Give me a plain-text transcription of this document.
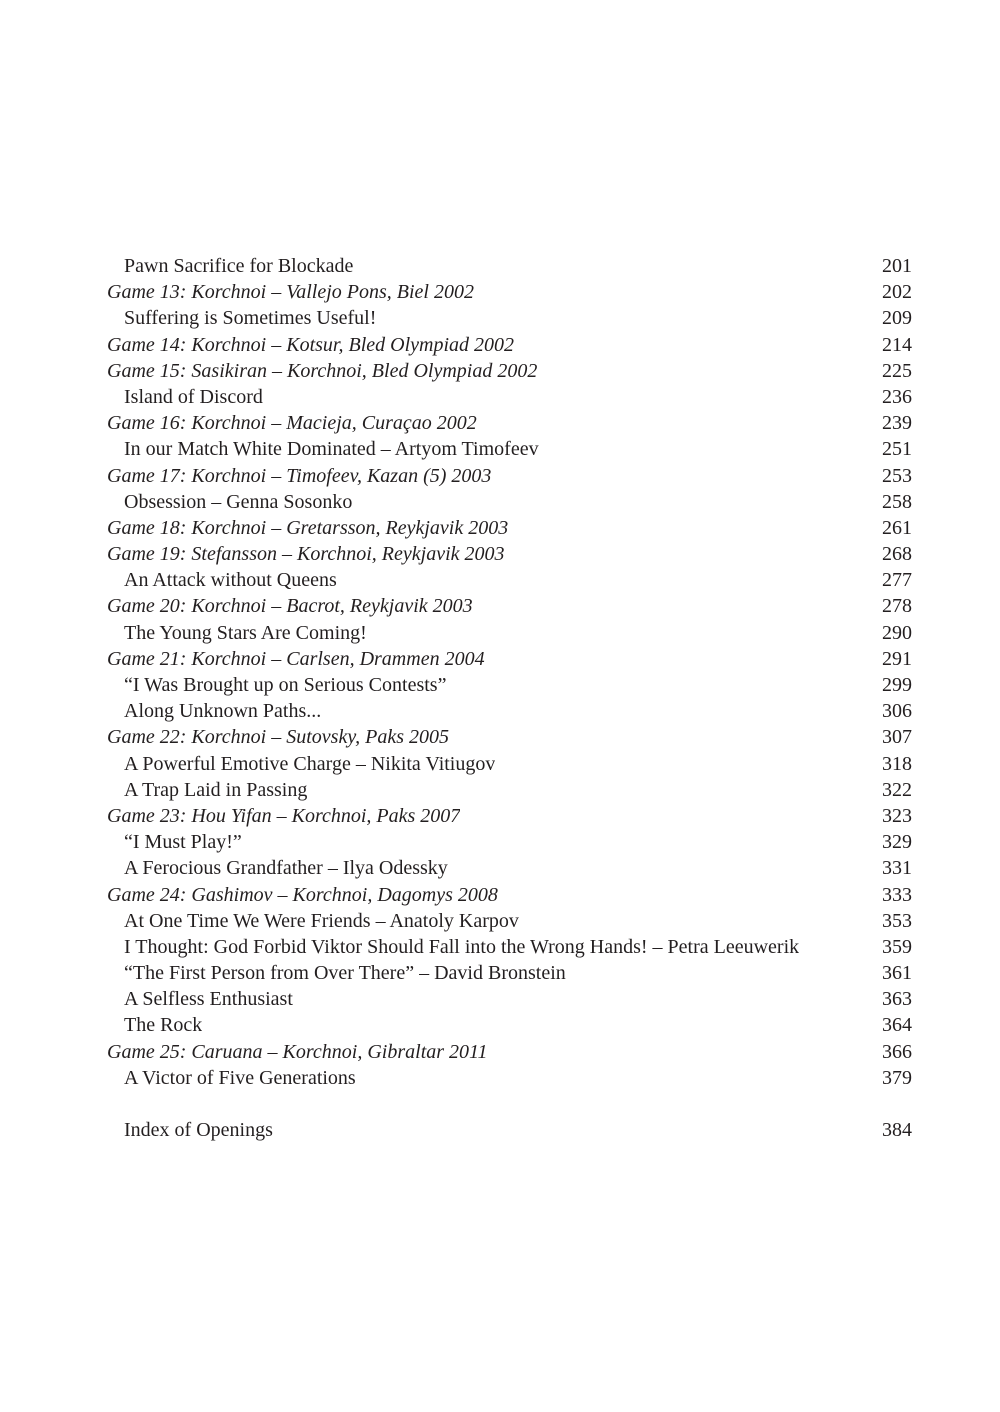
Pawn Sacrifice for Blockade	201
Game 13: Korchnoi – Vallejo Pons, Biel 2002	202
Suffering is Sometimes Useful!	209
Game 14: Korchnoi – Kotsur, Bled Olympiad 2002	214
Game 15: Sasikiran – Korchnoi, Bled Olympiad 2002	225
Island of Discord	236
Game 16: Korchnoi – Macieja, Curaçao 2002	239
In our Match White Dominated – Artyom Timofeev	251
Game 17: Korchnoi – Timofeev, Kazan (5) 2003	253
Obsession – Genna Sosonko	258
Game 18: Korchnoi – Gretarsson, Reykjavik 2003	261
Game 19: Stefansson – Korchnoi, Reykjavik 2003	268
An Attack without Queens	277
Game 20: Korchnoi – Bacrot, Reykjavik 2003	278
The Young Stars Are Coming!	290
Game 21: Korchnoi – Carlsen, Drammen 2004	291
“I Was Brought up on Serious Contests”	299
Along Unknown Paths...	306
Game 22: Korchnoi – Sutovsky, Paks 2005	307
A Powerful Emotive Charge – Nikita Vitiugov	318
A Trap Laid in Passing	322
Game 23: Hou Yifan – Korchnoi, Paks 2007	323
“I Must Play!”	329
A Ferocious Grandfather – Ilya Odessky	331
Game 24: Gashimov – Korchnoi, Dagomys 2008	333
At One Time We Were Friends – Anatoly Karpov	353
I Thought: God Forbid Viktor Should Fall into the Wrong Hands! – Petra Leeuwerik	359
“The First Person from Over There” – David Bronstein	361
A Selfless Enthusiast	363
The Rock	364
Game 25: Caruana – Korchnoi, Gibraltar 2011	366
A Victor of Five Generations	379
Index of Openings	384
